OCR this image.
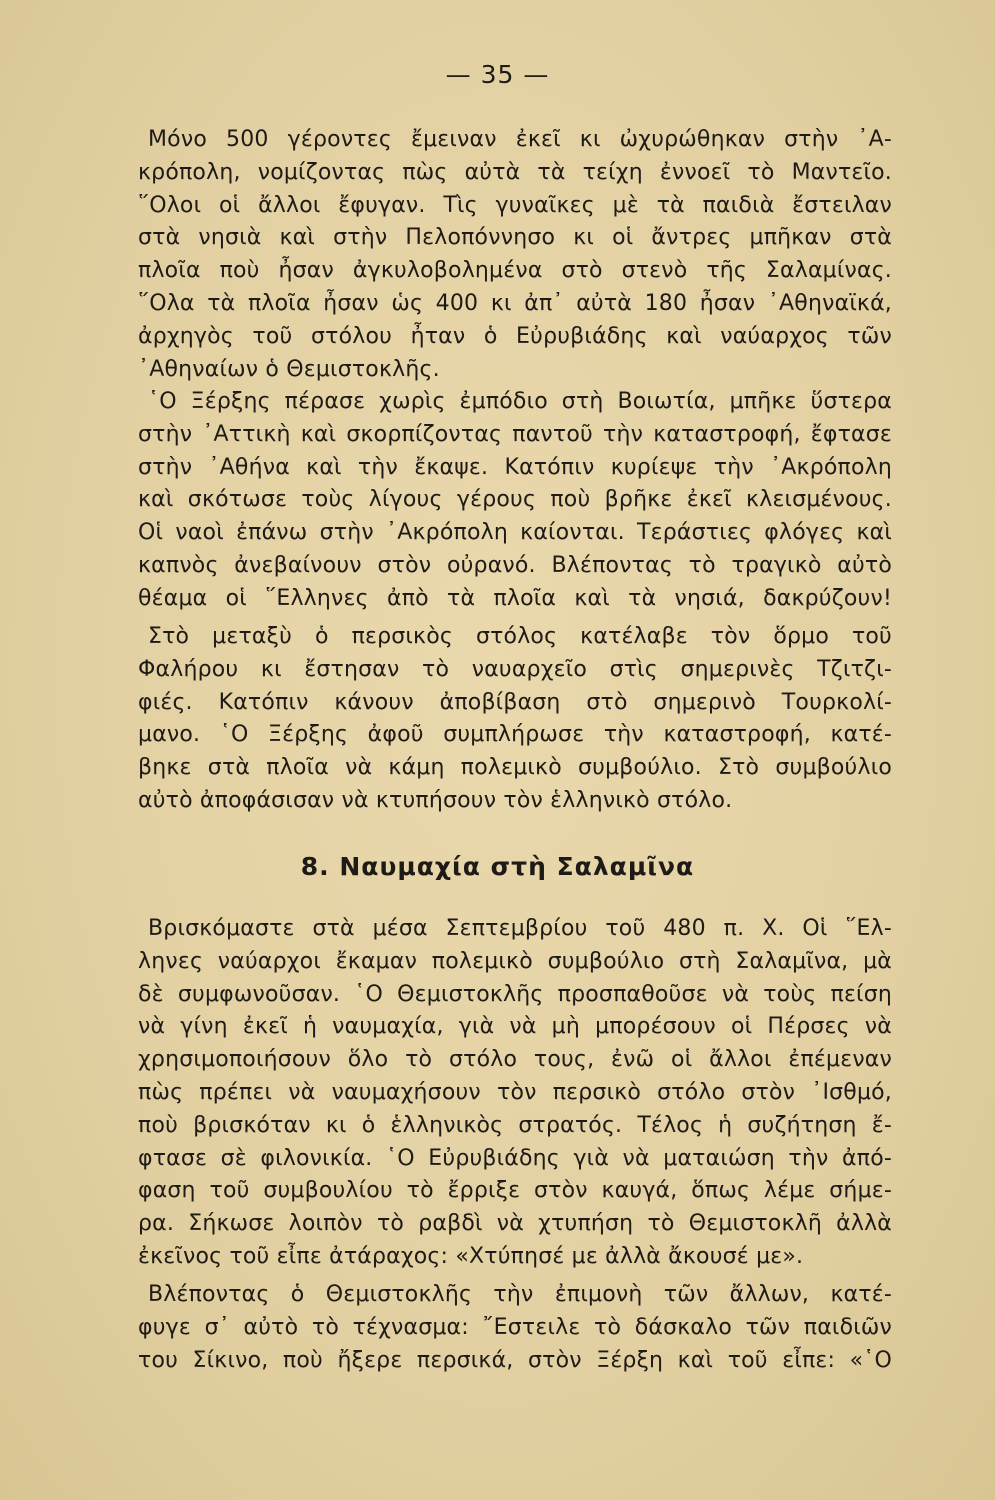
— 35 —
Μόνο 500 γέροντες ἔμειναν ἐκεῖ κι ὠχυρώθηκαν στὴν ᾽Α-
κρόπολη, νομίζοντας πὼς αὐτὰ τὰ τείχη ἐννοεῖ τὸ Μαντεῖο.
῞Ολοι οἱ ἄλλοι ἔφυγαν. Τὶς γυναῖκες μὲ τὰ παιδιὰ ἔστειλαν
στὰ νησιὰ καὶ στὴν Πελοπόννησο κι οἱ ἄντρες μπῆκαν στὰ
πλοῖα ποὺ ἦσαν ἀγκυλοβολημένα στὸ στενὸ τῆς Σαλαμίνας.
῞Ολα τὰ πλοῖα ἦσαν ὡς 400 κι ἀπ᾽ αὐτὰ 180 ἦσαν ᾽Αθηναϊκά,
ἀρχηγὸς τοῦ στόλου ἦταν ὁ Εὐρυβιάδης καὶ ναύαρχος τῶν
᾽Αθηναίων ὁ Θεμιστοκλῆς.
῾Ο Ξέρξης πέρασε χωρὶς ἐμπόδιο στὴ Βοιωτία, μπῆκε ὕστερα
στὴν ᾽Αττικὴ καὶ σκορπίζοντας παντοῦ τὴν καταστροφή, ἔφτασε
στὴν ᾽Αθήνα καὶ τὴν ἔκαψε. Κατόπιν κυρίεψε τὴν ᾽Ακρόπολη
καὶ σκότωσε τοὺς λίγους γέρους ποὺ βρῆκε ἐκεῖ κλεισμένους.
Οἱ ναοὶ ἐπάνω στὴν ᾽Ακρόπολη καίονται. Τεράστιες φλόγες καὶ
καπνὸς ἀνεβαίνουν στὸν οὐρανό. Βλέποντας τὸ τραγικὸ αὐτὸ
θέαμα οἱ ῞Ελληνες ἀπὸ τὰ πλοῖα καὶ τὰ νησιά, δακρύζουν!
Στὸ μεταξὺ ὁ περσικὸς στόλος κατέλαβε τὸν ὅρμο τοῦ
Φαλήρου κι ἔστησαν τὸ ναυαρχεῖο στὶς σημερινὲς Τζιτζι-
φιές. Κατόπιν κάνουν ἀποβίβαση στὸ σημερινὸ Τουρκολί-
μανο. ῾Ο Ξέρξης ἀφοῦ συμπλήρωσε τὴν καταστροφή, κατέ-
βηκε στὰ πλοῖα νὰ κάμη πολεμικὸ συμβούλιο. Στὸ συμβούλιο
αὐτὸ ἀποφάσισαν νὰ κτυπήσουν τὸν ἑλληνικὸ στόλο.
8. Ναυμαχία στὴ Σαλαμῖνα
Βρισκόμαστε στὰ μέσα Σεπτεμβρίου τοῦ 480 π. Χ. Οἱ ῞Ελ-
ληνες ναύαρχοι ἔκαμαν πολεμικὸ συμβούλιο στὴ Σαλαμῖνα, μὰ
δὲ συμφωνοῦσαν. ῾Ο Θεμιστοκλῆς προσπαθοῦσε νὰ τοὺς πείση
νὰ γίνη ἐκεῖ ἡ ναυμαχία, γιὰ νὰ μὴ μπορέσουν οἱ Πέρσες νὰ
χρησιμοποιήσουν ὅλο τὸ στόλο τους, ἐνῶ οἱ ἄλλοι ἐπέμεναν
πὼς πρέπει νὰ ναυμαχήσουν τὸν περσικὸ στόλο στὸν ᾽Ισθμό,
ποὺ βρισκόταν κι ὁ ἑλληνικὸς στρατός. Τέλος ἡ συζήτηση ἔ-
φτασε σὲ φιλονικία. ῾Ο Εὐρυβιάδης γιὰ νὰ ματαιώση τὴν ἀπό-
φαση τοῦ συμβουλίου τὸ ἔρριξε στὸν καυγά, ὅπως λέμε σήμε-
ρα. Σήκωσε λοιπὸν τὸ ραβδὶ νὰ χτυπήση τὸ Θεμιστοκλῆ ἀλλὰ
ἐκεῖνος τοῦ εἶπε ἀτάραχος: «Χτύπησέ με ἀλλὰ ἄκουσέ με».
Βλέποντας ὁ Θεμιστοκλῆς τὴν ἐπιμονὴ τῶν ἄλλων, κατέ-
φυγε σ᾽ αὐτὸ τὸ τέχνασμα: ῎Εστειλε τὸ δάσκαλο τῶν παιδιῶν
του Σίκινο, ποὺ ἤξερε περσικά, στὸν Ξέρξη καὶ τοῦ εἶπε: «῾Ο
